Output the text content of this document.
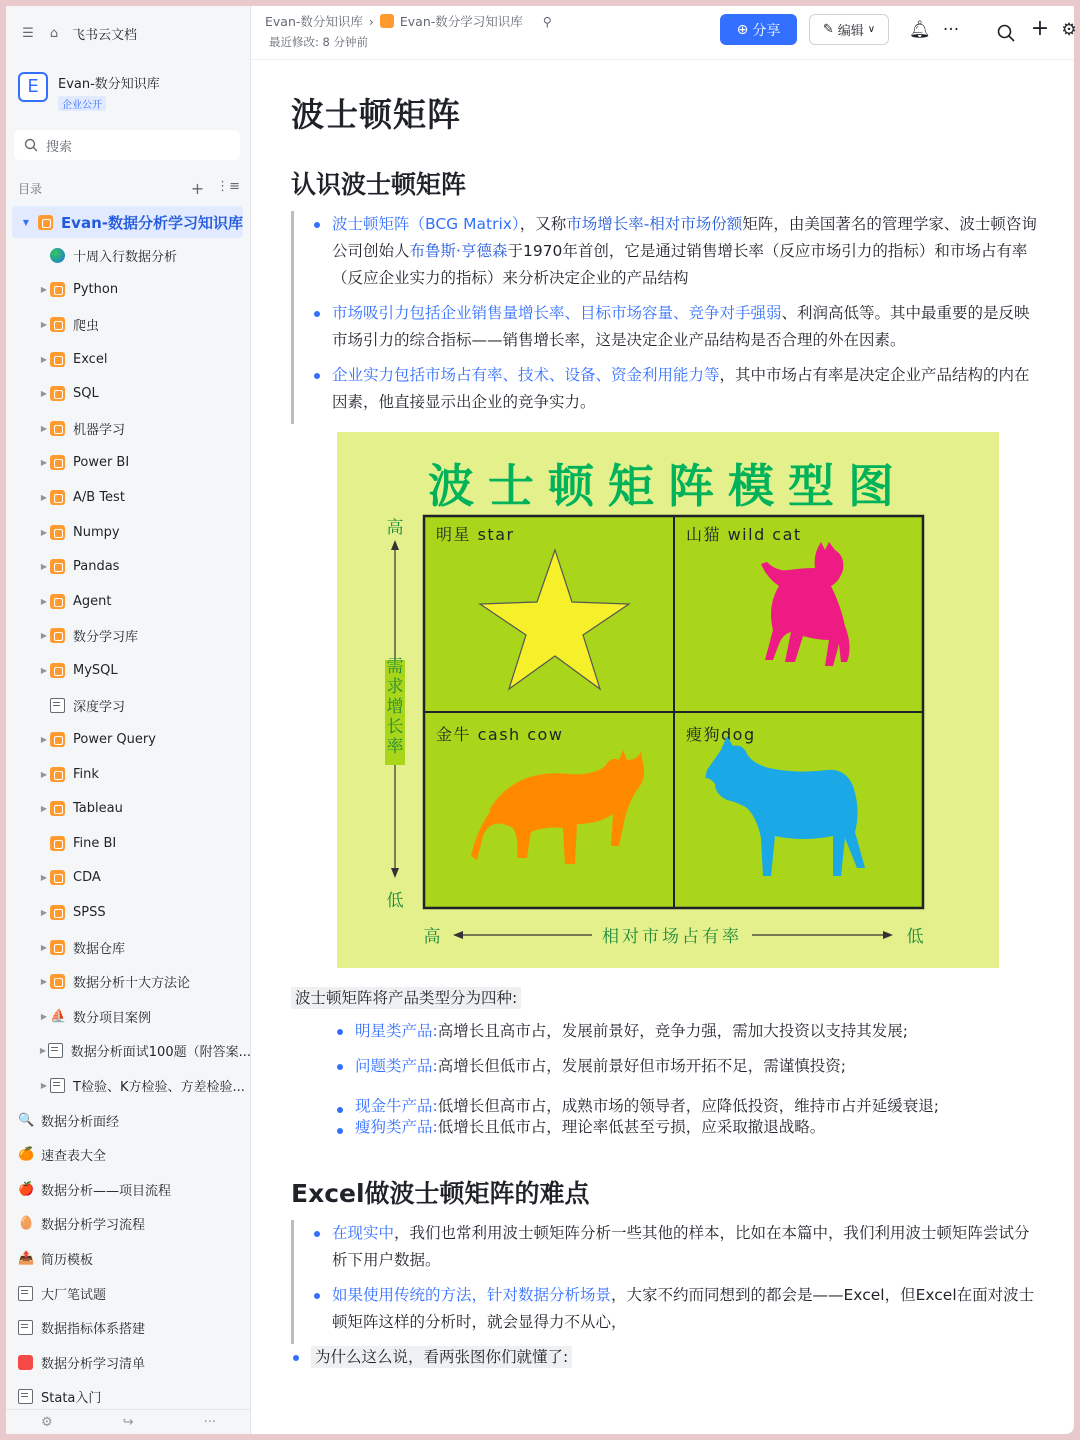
☰ ⌂ 飞书云文档
E	Evan-数分知识库
企业公开
搜索
目录	+ ⋮≡
▼ Evan-数据分析学习知识库
十周入行数据分析
▶ Python
▶ 爬虫
▶ Excel
▶ SQL
▶ 机器学习
▶ Power BI
▶ A/B Test
▶ Numpy
▶ Pandas
▶ Agent
▶ 数分学习库
▶ MySQL
深度学习
▶ Power Query
▶ Fink
▶ Tableau
Fine BI
▶ CDA
▶ SPSS
▶ 数据仓库
▶ 数据分析十大方法论
▶ ⛵ 数分项目案例
▶ 数据分析面试100题（附答案...
▶ T检验、K方检验、方差检验...
🔍 数据分析面经
🍊 速查表大全
🍎 数据分析——项目流程
🥚 数据分析学习流程
📤 简历模板
大厂笔试题
数据指标体系搭建
数据分析学习清单
Stata入门
⚙	↪	···
Evan-数分知识库 › Evan-数分学习知识库 ⚲
最近修改: 8 分钟前
⊕ 分享	✎ 编辑 ∨ 🔔︎ ···	+ ⚙
波士顿矩阵
认识波士顿矩阵
波士顿矩阵（BCG Matrix），又称市场增长率-相对市场份额矩阵，由美国著名的管理学家、波士顿咨询公司创始人布鲁斯·亨德森于1970年首创，它是通过销售增长率（反应市场引力的指标）和市场占有率（反应企业实力的指标）来分析决定企业的产品结构
市场吸引力包括企业销售量增长率、目标市场容量、竞争对手强弱、利润高低等。其中最重要的是反映市场引力的综合指标——销售增长率，这是决定企业产品结构是否合理的外在因素。
企业实力包括市场占有率、技术、设备、资金利用能力等，其中市场占有率是决定企业产品结构的内在因素，他直接显示出企业的竞争实力。
波士顿矩阵模型图
高
需求增长率
低
高	相对市场占有率	低
明星 star	山猫 wild cat
金牛 cash cow	瘦狗dog
波士顿矩阵将产品类型分为四种:
明星类产品:高增长且高市占，发展前景好，竞争力强，需加大投资以支持其发展;
问题类产品:高增长但低市占，发展前景好但市场开拓不足，需谨慎投资;
现金牛产品:低增长但高市占，成熟市场的领导者，应降低投资，维持市占并延缓衰退;
瘦狗类产品:低增长且低市占，理论率低甚至亏损，应采取撤退战略。
Excel做波士顿矩阵的难点
在现实中，我们也常利用波士顿矩阵分析一些其他的样本，比如在本篇中，我们利用波士顿矩阵尝试分析下用户数据。
如果使用传统的方法，针对数据分析场景，大家不约而同想到的都会是——Excel，但Excel在面对波士顿矩阵这样的分析时，就会显得力不从心，
为什么这么说，看两张图你们就懂了:
